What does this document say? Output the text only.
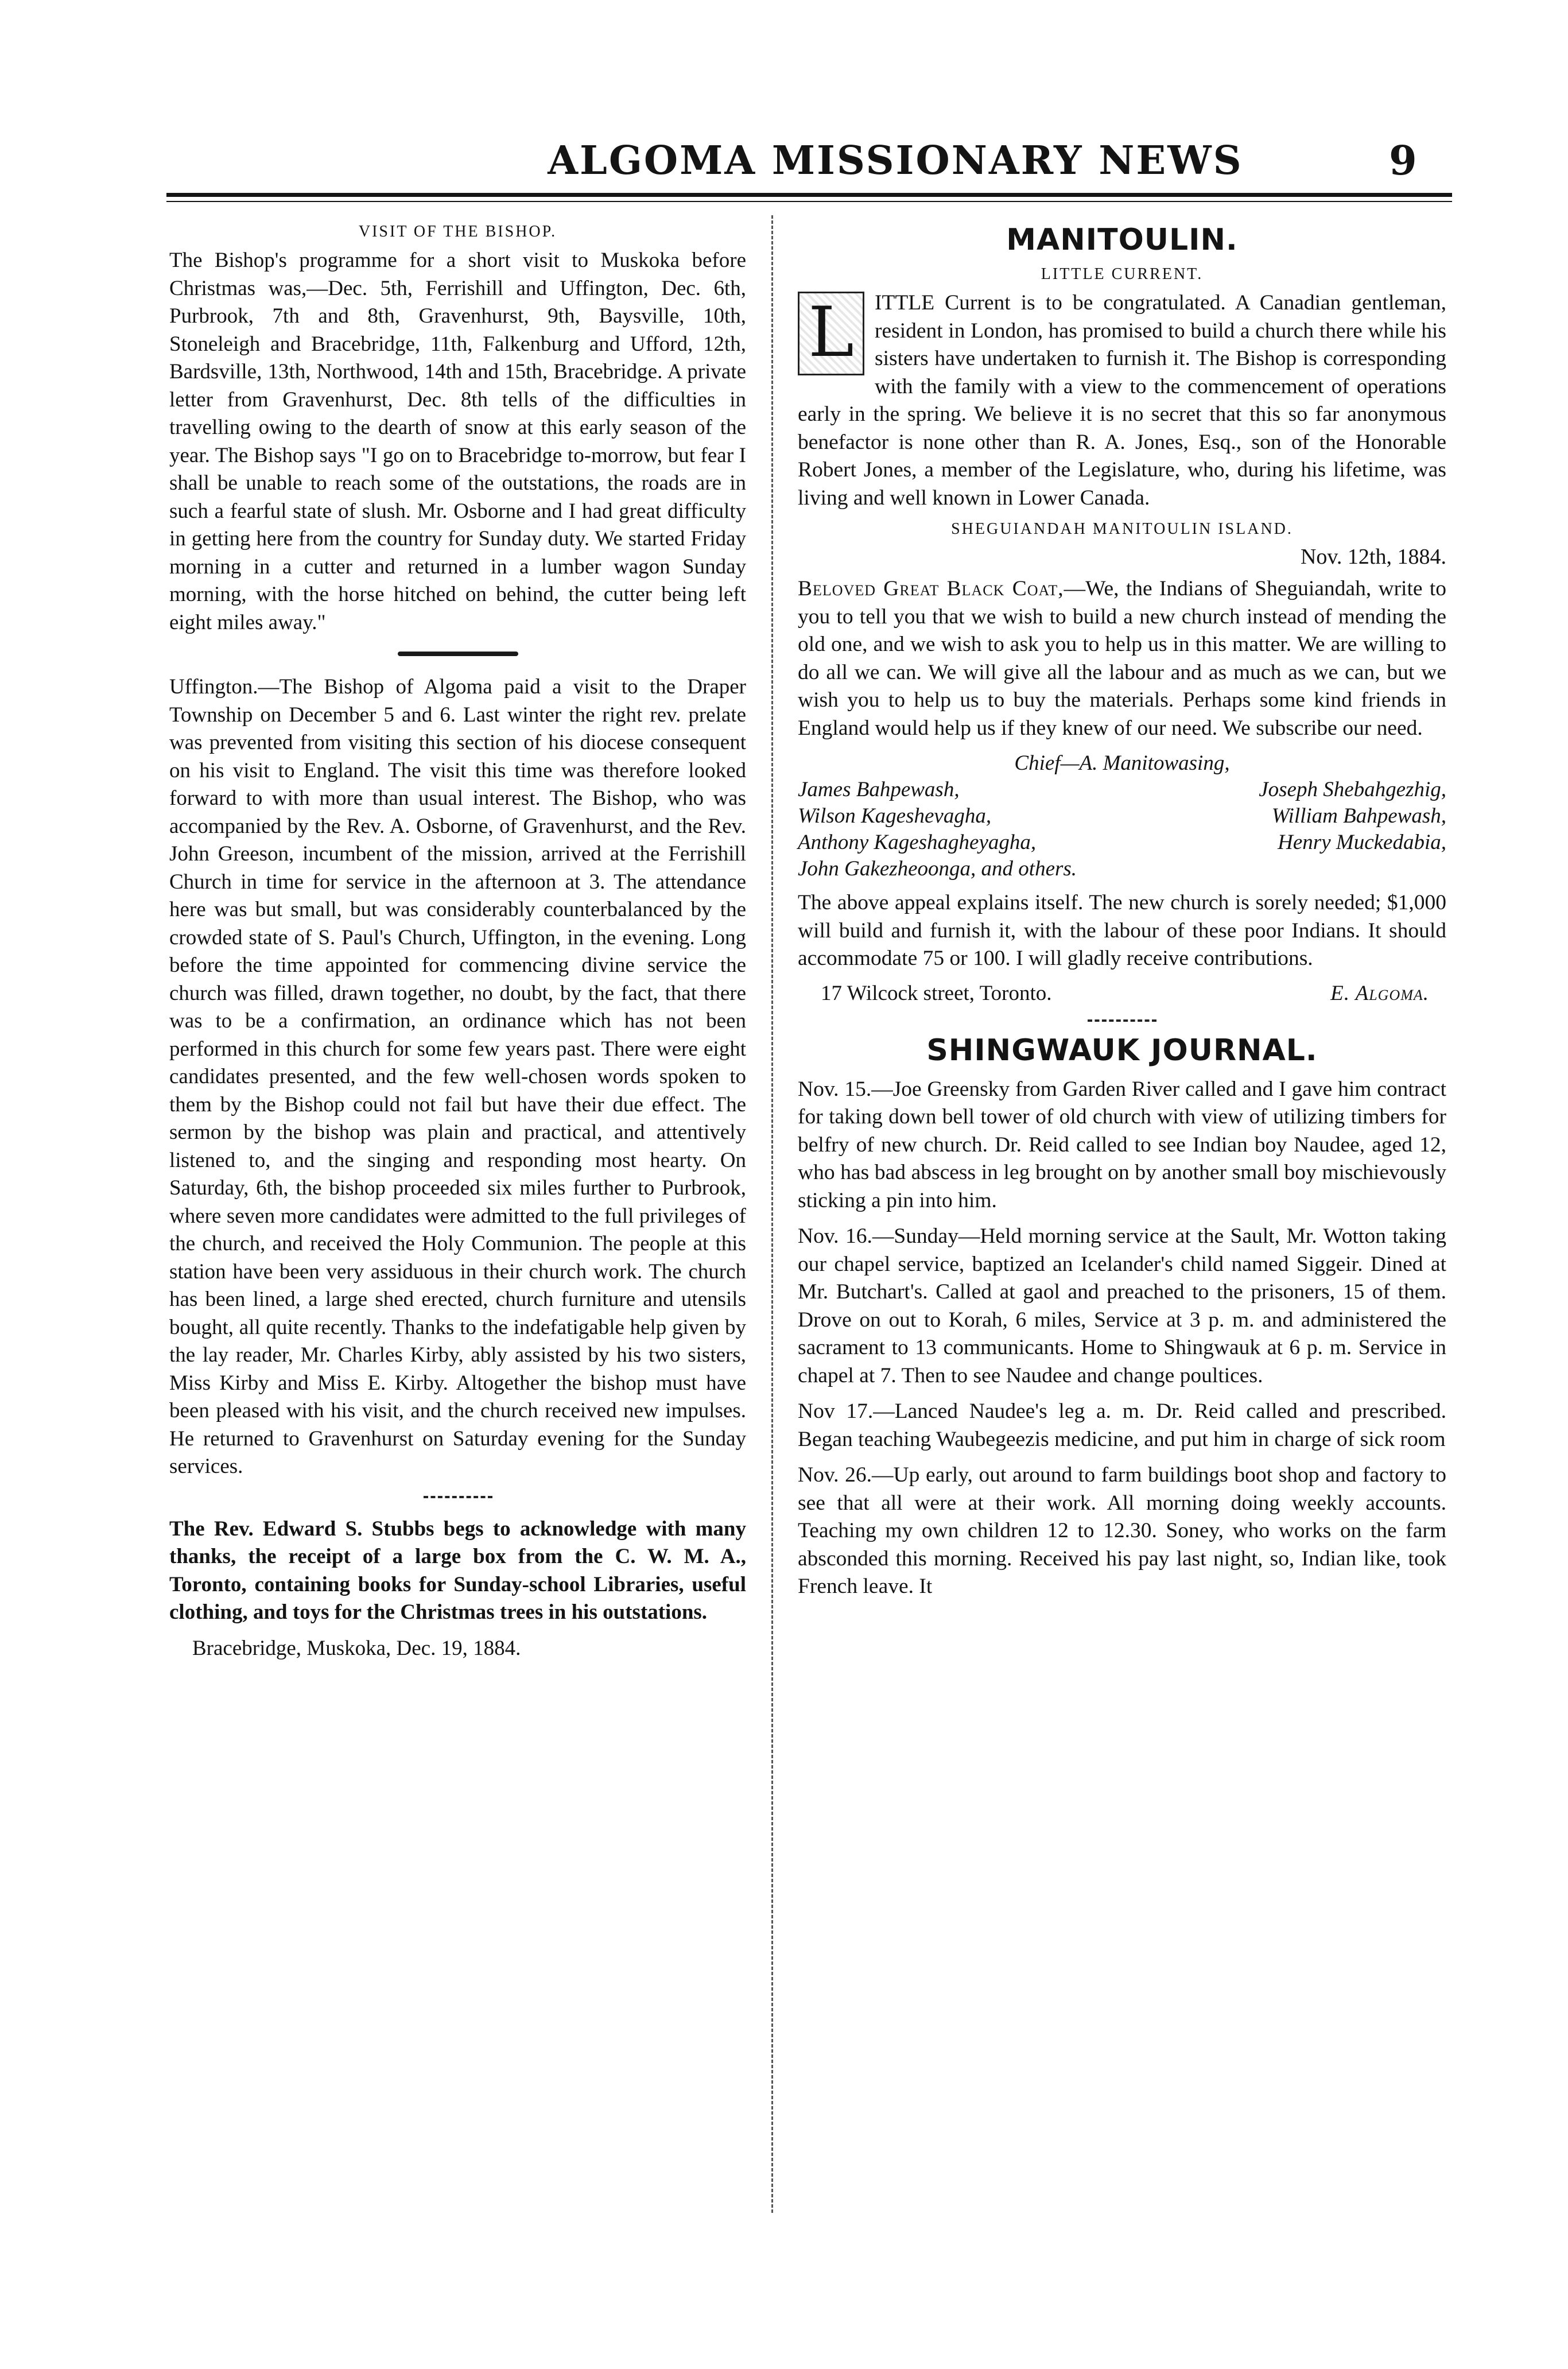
ALGOMA MISSIONARY NEWS	9
VISIT OF THE BISHOP.

The Bishop's programme for a short visit to Muskoka before Christmas was,—Dec. 5th, Ferrishill and Uffington, Dec. 6th, Purbrook, 7th and 8th, Gravenhurst, 9th, Baysville, 10th, Stoneleigh and Bracebridge, 11th, Falkenburg and Ufford, 12th, Bardsville, 13th, Northwood, 14th and 15th, Bracebridge. A private letter from Gravenhurst, Dec. 8th tells of the difficulties in travelling owing to the dearth of snow at this early season of the year. The Bishop says "I go on to Bracebridge to-morrow, but fear I shall be unable to reach some of the outstations, the roads are in such a fearful state of slush. Mr. Osborne and I had great difficulty in getting here from the country for Sunday duty. We started Friday morning in a cutter and returned in a lumber wagon Sunday morning, with the horse hitched on behind, the cutter being left eight miles away."

Uffington.—The Bishop of Algoma paid a visit to the Draper Township on December 5 and 6. Last winter the right rev. prelate was prevented from visiting this section of his diocese consequent on his visit to England. The visit this time was therefore looked forward to with more than usual interest. The Bishop, who was accompanied by the Rev. A. Osborne, of Gravenhurst, and the Rev. John Greeson, incumbent of the mission, arrived at the Ferrishill Church in time for service in the afternoon at 3. The attendance here was but small, but was considerably counterbalanced by the crowded state of S. Paul's Church, Uffington, in the evening. Long before the time appointed for commencing divine service the church was filled, drawn together, no doubt, by the fact, that there was to be a confirmation, an ordinance which has not been performed in this church for some few years past. There were eight candidates presented, and the few well-chosen words spoken to them by the Bishop could not fail but have their due effect. The sermon by the bishop was plain and practical, and attentively listened to, and the singing and responding most hearty. On Saturday, 6th, the bishop proceeded six miles further to Purbrook, where seven more candidates were admitted to the full privileges of the church, and received the Holy Communion. The people at this station have been very assiduous in their church work. The church has been lined, a large shed erected, church furniture and utensils bought, all quite recently. Thanks to the indefatigable help given by the lay reader, Mr. Charles Kirby, ably assisted by his two sisters, Miss Kirby and Miss E. Kirby. Altogether the bishop must have been pleased with his visit, and the church received new impulses. He returned to Gravenhurst on Saturday evening for the Sunday services.

The Rev. Edward S. Stubbs begs to acknowledge with many thanks, the receipt of a large box from the C. W. M. A., Toronto, containing books for Sunday-school Libraries, useful clothing, and toys for the Christmas trees in his outstations.

Bracebridge, Muskoka, Dec. 19, 1884.

MANITOULIN.
LITTLE CURRENT.
L ITTLE Current is to be congratulated. A Canadian gentleman, resident in London, has promised to build a church there while his sisters have undertaken to furnish it. The Bishop is corresponding with the family with a view to the commencement of operations early in the spring. We believe it is no secret that this so far anonymous benefactor is none other than R. A. Jones, Esq., son of the Honorable Robert Jones, a member of the Legislature, who, during his lifetime, was living and well known in Lower Canada.

SHEGUIANDAH MANITOULIN ISLAND.
Nov. 12th, 1884.

Beloved Great Black Coat,—We, the Indians of Sheguiandah, write to you to tell you that we wish to build a new church instead of mending the old one, and we wish to ask you to help us in this matter. We are willing to do all we can. We will give all the labour and as much as we can, but we wish you to help us to buy the materials. Perhaps some kind friends in England would help us if they knew of our need. We subscribe our need.

Chief—A. Manitowasing,
James Bahpewash,	Joseph Shebahgezhig,
Wilson Kageshevagha,	William Bahpewash,
Anthony Kageshagheyagha,	Henry Muckedabia,
John Gakezheoonga, and others.

The above appeal explains itself. The new church is sorely needed; $1,000 will build and furnish it, with the labour of these poor Indians. It should accommodate 75 or 100. I will gladly receive contributions.

17 Wilcock street, Toronto.	E. Algoma.
SHINGWAUK JOURNAL.

Nov. 15.—Joe Greensky from Garden River called and I gave him contract for taking down bell tower of old church with view of utilizing timbers for belfry of new church. Dr. Reid called to see Indian boy Naudee, aged 12, who has bad abscess in leg brought on by another small boy mischievously sticking a pin into him.

Nov. 16.—Sunday—Held morning service at the Sault, Mr. Wotton taking our chapel service, baptized an Icelander's child named Siggeir. Dined at Mr. Butchart's. Called at gaol and preached to the prisoners, 15 of them. Drove on out to Korah, 6 miles, Service at 3 p. m. and administered the sacrament to 13 communicants. Home to Shingwauk at 6 p. m. Service in chapel at 7. Then to see Naudee and change poultices.

Nov 17.—Lanced Naudee's leg a. m. Dr. Reid called and prescribed. Began teaching Waubegeezis medicine, and put him in charge of sick room

Nov. 26.—Up early, out around to farm buildings boot shop and factory to see that all were at their work. All morning doing weekly accounts. Teaching my own children 12 to 12.30. Soney, who works on the farm absconded this morning. Received his pay last night, so, Indian like, took French leave. It
